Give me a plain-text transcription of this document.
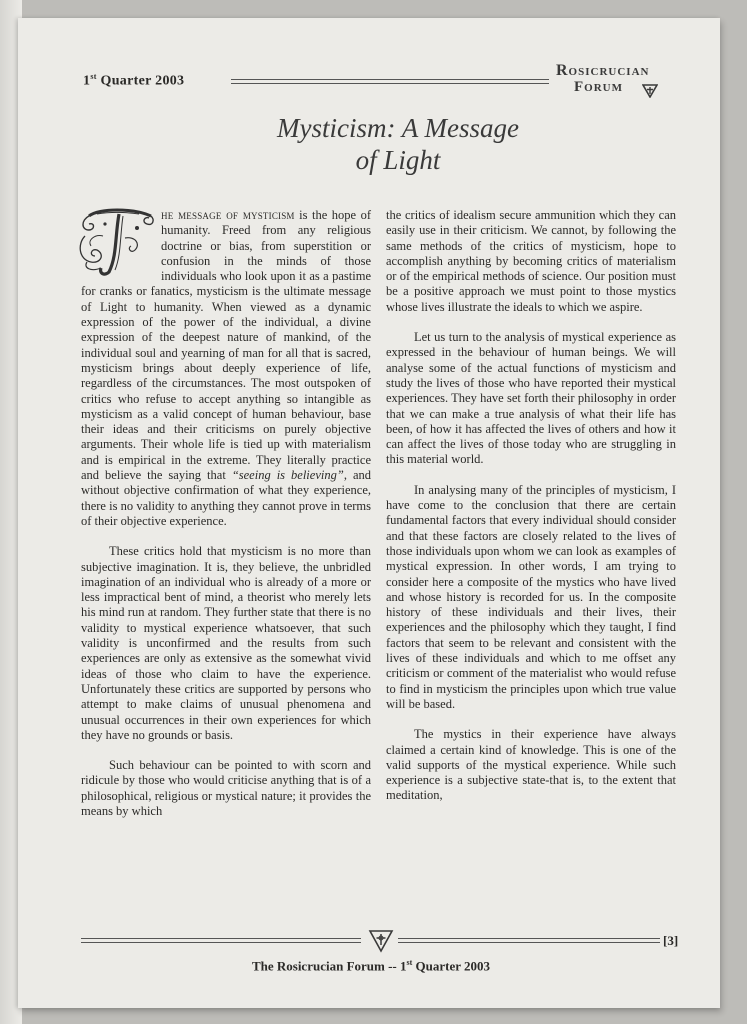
1st Quarter 2003
Rosicrucian
Forum
Mysticism: A Message
of Light

he message of mysticism is the hope of humanity. Freed from any religious doctrine or bias, from superstition or confusion in the minds of those individuals who look upon it as a pastime for cranks or fanatics, mysticism is the ultimate message of Light to humanity. When viewed as a dynamic expression of the power of the individual, a divine expression of the deepest nature of mankind, of the individual soul and yearning of man for all that is sacred, mysticism brings about deeply experience of life, regardless of the circumstances. The most outspoken of critics who refuse to accept anything so intangible as mysticism as a valid concept of human behaviour, base their ideas and their criticisms on purely objective arguments. Their whole life is tied up with materialism and is empirical in the extreme. They literally practice and believe the saying that “seeing is believing”, and without objective confirmation of what they experience, there is no validity to anything they cannot prove in terms of their objective experience.

These critics hold that mysticism is no more than subjective imagination. It is, they believe, the unbridled imagination of an individual who is already of a more or less impractical bent of mind, a theorist who merely lets his mind run at random. They further state that there is no validity to mystical experience whatsoever, that such validity is unconfirmed and the results from such experiences are only as extensive as the somewhat vivid ideas of those who claim to have the experience. Unfortunately these critics are supported by persons who attempt to make claims of unusual phenomena and unusual occurrences in their own experiences for which they have no grounds or basis.

Such behaviour can be pointed to with scorn and ridicule by those who would criticise anything that is of a philosophical, religious or mystical nature; it provides the means by which

the critics of idealism secure ammunition which they can easily use in their criticism. We cannot, by following the same methods of the critics of mysticism, hope to accomplish anything by becoming critics of materialism or of the empirical methods of science. Our position must be a positive approach we must point to those mystics whose lives illustrate the ideals to which we aspire.

Let us turn to the analysis of mystical experience as expressed in the behaviour of human beings. We will analyse some of the actual functions of mysticism and study the lives of those who have reported their mystical experiences. They have set forth their philosophy in order that we can make a true analysis of what their life has been, of how it has affected the lives of others and how it can affect the lives of those today who are struggling in this material world.

In analysing many of the principles of mysticism, I have come to the conclusion that there are certain fundamental factors that every individual should consider and that these factors are closely related to the lives of those individuals upon whom we can look as examples of mystical expression. In other words, I am trying to consider here a composite of the mystics who have lived and whose history is recorded for us. In the composite history of these individuals and their lives, their experiences and the philosophy which they taught, I find factors that seem to be relevant and consistent with the lives of these individuals and which to me offset any criticism or comment of the materialist who would refuse to find in mysticism the principles upon which true value will be based.

The mystics in their experience have always claimed a certain kind of knowledge. This is one of the valid supports of the mystical experience. While such experience is a subjective state-that is, to the extent that meditation,

[3]
The Rosicrucian Forum -- 1st Quarter 2003
